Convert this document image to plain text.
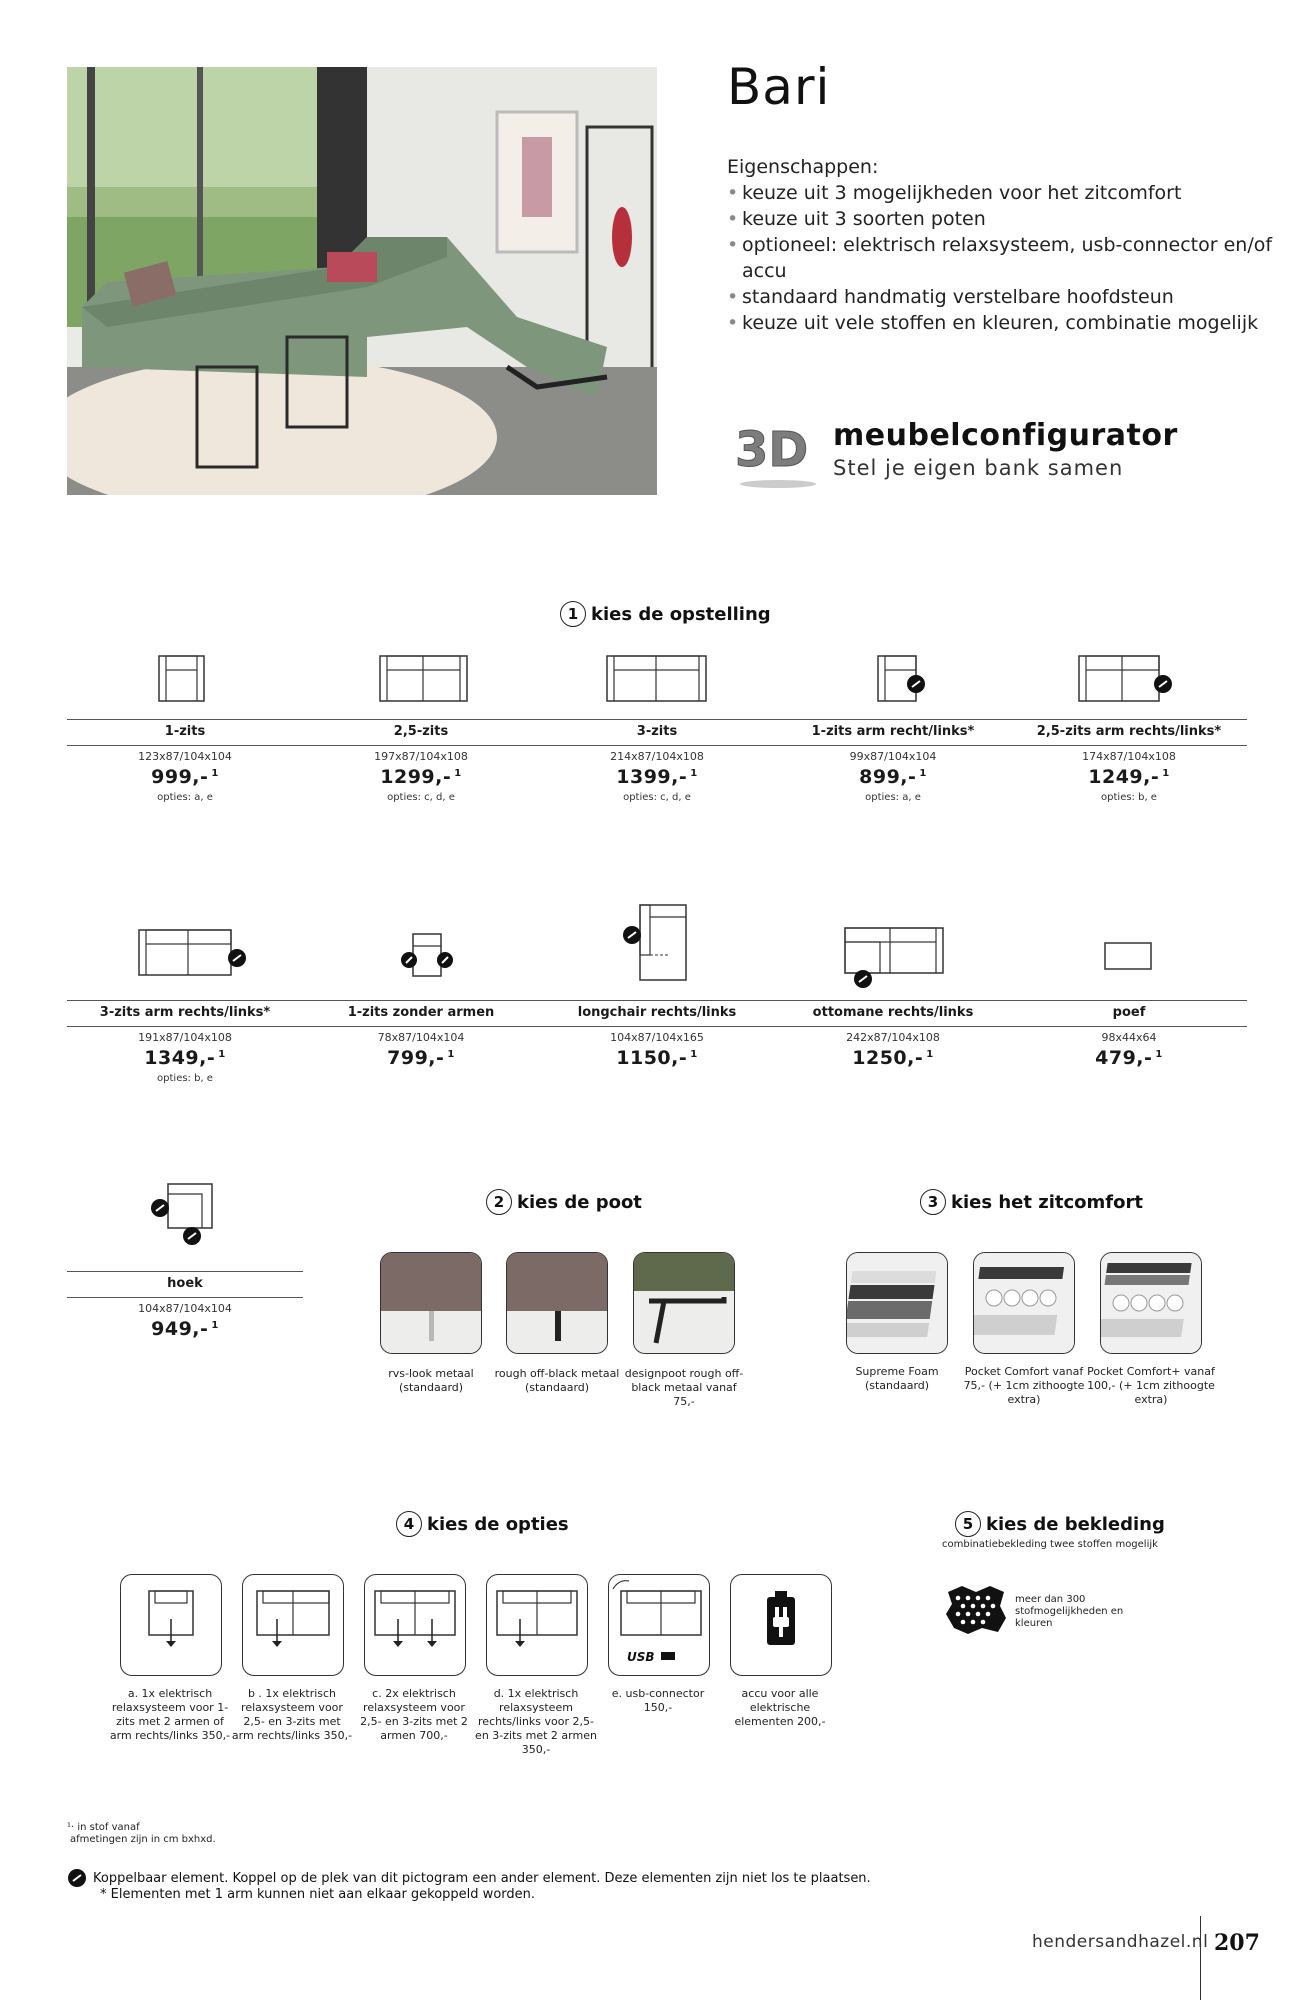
Bari
Eigenschappen:
• keuze uit 3 mogelijkheden voor het zitcomfort
• keuze uit 3 soorten poten
• optioneel: elektrisch relaxsysteem, usb-connector en/of accu
• standaard handmatig verstelbare hoofdsteun
• keuze uit vele stoffen en kleuren, combinatie mogelijk
3D meubelconfigurator
Stel je eigen bank samen
1 kies de opstelling
1-zits
123x87/104x104
999,- $^1$
opties: a, e
2,5-zits
197x87/104x108
1299,- $^1$
opties: c, d, e
3-zits
214x87/104x108
1399,- $^1$
opties: c, d, e
1-zits arm recht/links*
99x87/104x104
899,- $^1$
opties: a, e
2,5-zits arm rechts/links*
174x87/104x108
1249,- $^1$
opties: b, e
3-zits arm rechts/links*
191x87/104x108
1349,- $^1$
opties: b, e
1-zits zonder armen
78x87/104x104
799,- $^1$
longchair rechts/links
104x87/104x165
1150,- $^1$
ottomane rechts/links
242x87/104x108
1250,- $^1$
poef
98x44x64
479,- $^1$
hoek
104x87/104x104
949,- $^1$
2 kies de poot
rvs-look metaal (standaard)
rough off-black metaal (standaard)
designpoot rough off-black metaal vanaf 75,-
3 kies het zitcomfort
Supreme Foam (standaard)
Pocket Comfort vanaf 75,- (+ 1cm zithoogte extra)
Pocket Comfort+ vanaf 100,- (+ 1cm zithoogte extra)
4 kies de opties
USB
a. 1x elektrisch relaxsysteem voor 1-zits met 2 armen of arm rechts/links 350,-
b . 1x elektrisch relaxsysteem voor 2,5- en 3-zits met arm rechts/links 350,-
c. 2x elektrisch relaxsysteem voor 2,5- en 3-zits met 2 armen 700,-
d. 1x elektrisch relaxsysteem rechts/links voor 2,5- en 3-zits met 2 armen 350,-
e. usb-connector 150,-
accu voor alle elektrische elementen 200,-
5 kies de bekleding
combinatiebekleding twee stoffen mogelijk
meer dan 300 stofmogelijkheden en kleuren
¹· in stof vanaf
afmetingen zijn in cm bxhxd.
Koppelbaar element. Koppel op de plek van dit pictogram een ander element. Deze elementen zijn niet los te plaatsen.
* Elementen met 1 arm kunnen niet aan elkaar gekoppeld worden.
hendersandhazel.nl 207
